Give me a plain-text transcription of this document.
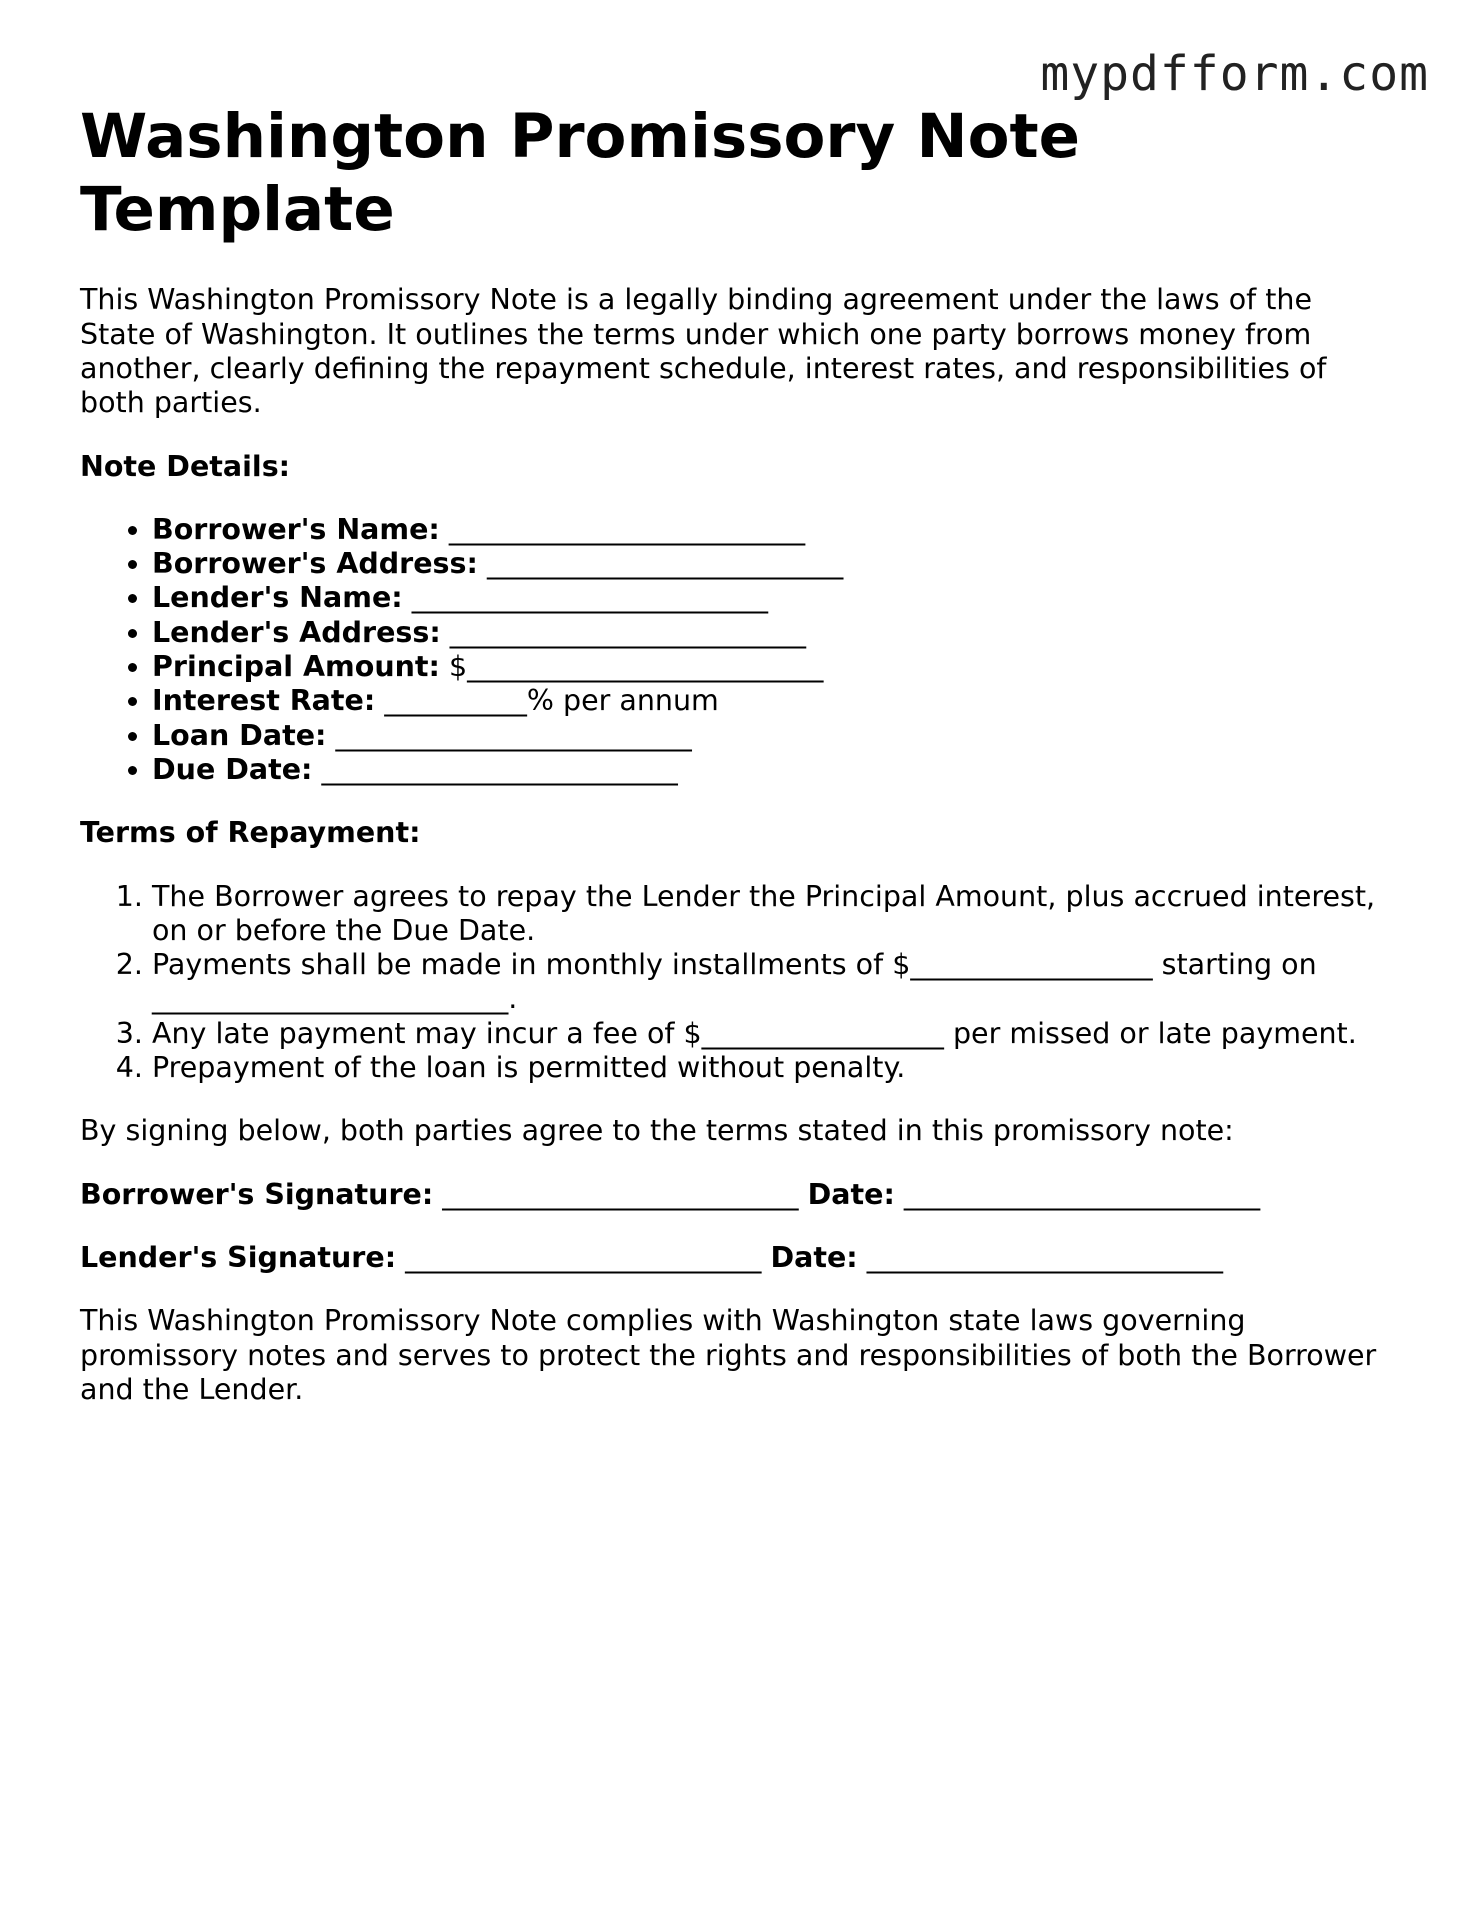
mypdfform.com
Washington Promissory Note Template

This Washington Promissory Note is a legally binding agreement under the laws of the State of Washington. It outlines the terms under which one party borrows money from another, clearly defining the repayment schedule, interest rates, and responsibilities of both parties.

Note Details:

• Borrower's Name: _________________________
• Borrower's Address: _________________________
• Lender's Name: _________________________
• Lender's Address: _________________________
• Principal Amount: $_________________________
• Interest Rate: __________% per annum
• Loan Date: _________________________
• Due Date: _________________________

Terms of Repayment:

1. The Borrower agrees to repay the Lender the Principal Amount, plus accrued interest, on or before the Due Date.
2. Payments shall be made in monthly installments of $_________________ starting on _________________________.
3. Any late payment may incur a fee of $_________________ per missed or late payment.
4. Prepayment of the loan is permitted without penalty.

By signing below, both parties agree to the terms stated in this promissory note:

Borrower's Signature: _________________________ Date: _________________________

Lender's Signature: _________________________ Date: _________________________

This Washington Promissory Note complies with Washington state laws governing promissory notes and serves to protect the rights and responsibilities of both the Borrower and the Lender.
